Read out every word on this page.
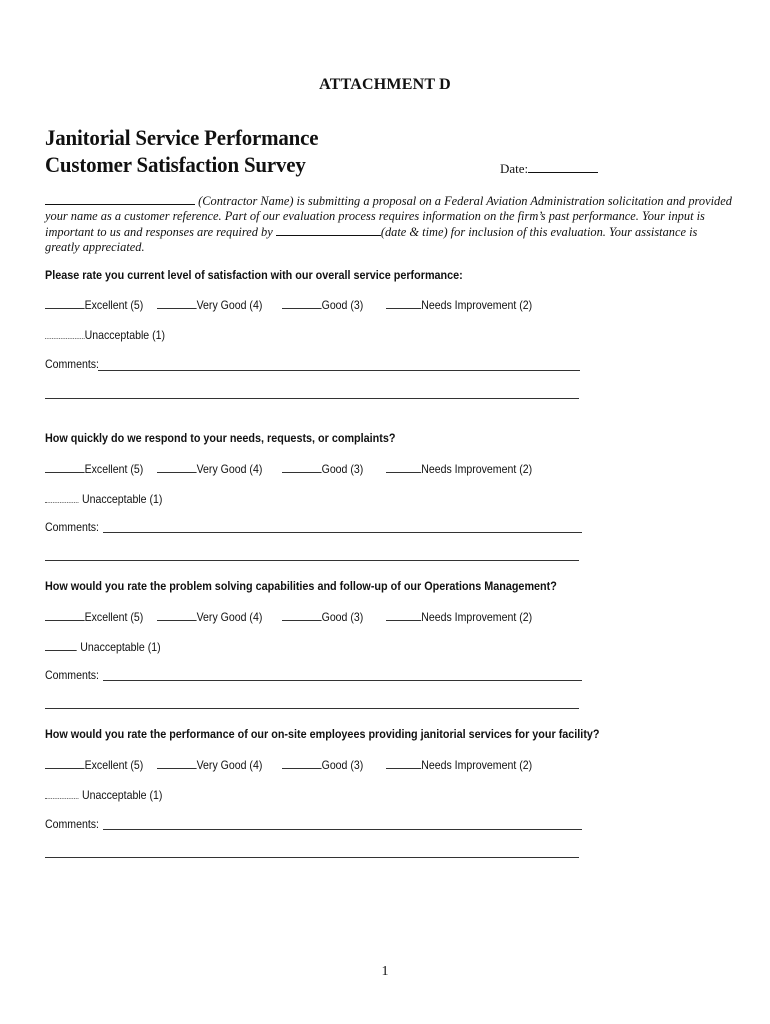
ATTACHMENT D
Janitorial Service Performance
Customer Satisfaction Survey	Date:
(Contractor Name) is submitting a proposal on a Federal Aviation Administration solicitation and provided your name as a customer reference. Part of our evaluation process requires information on the firm’s past performance. Your input is important to us and responses are required by	(date & time) for inclusion of this evaluation. Your assistance is greatly appreciated.
Please rate you current level of satisfaction with our overall service performance:
Excellent (5)	Very Good (4)	Good (3)	Needs Improvement (2)
Unacceptable (1)
Comments:
How quickly do we respond to your needs, requests, or complaints?
Excellent (5)	Very Good (4)	Good (3)	Needs Improvement (2)
Unacceptable (1)
Comments:
How would you rate the problem solving capabilities and follow-up of our Operations Management?
Excellent (5)	Very Good (4)	Good (3)	Needs Improvement (2)
Unacceptable (1)
Comments:
How would you rate the performance of our on-site employees providing janitorial services for your facility?
Excellent (5)	Very Good (4)	Good (3)	Needs Improvement (2)
Unacceptable (1)
Comments:
1
